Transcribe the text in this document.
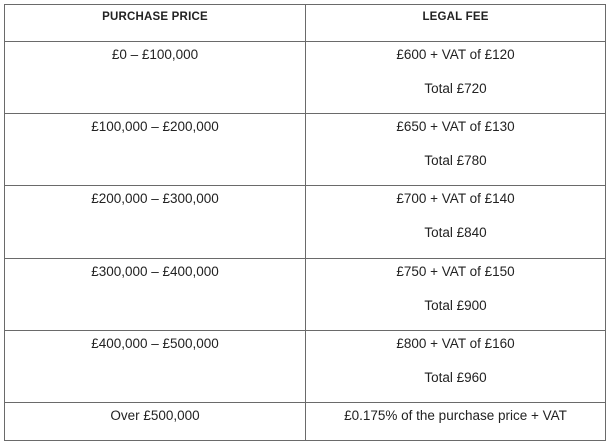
PURCHASE PRICE	LEGAL FEE
£0 – £100,000	£600 + VAT of £120
Total £720

£100,000 – £200,000	£650 + VAT of £130
Total £780

£200,000 – £300,000	£700 + VAT of £140
Total £840

£300,000 – £400,000	£750 + VAT of £150
Total £900

£400,000 – £500,000	£800 + VAT of £160
Total £960

Over £500,000	£0.175% of the purchase price + VAT
